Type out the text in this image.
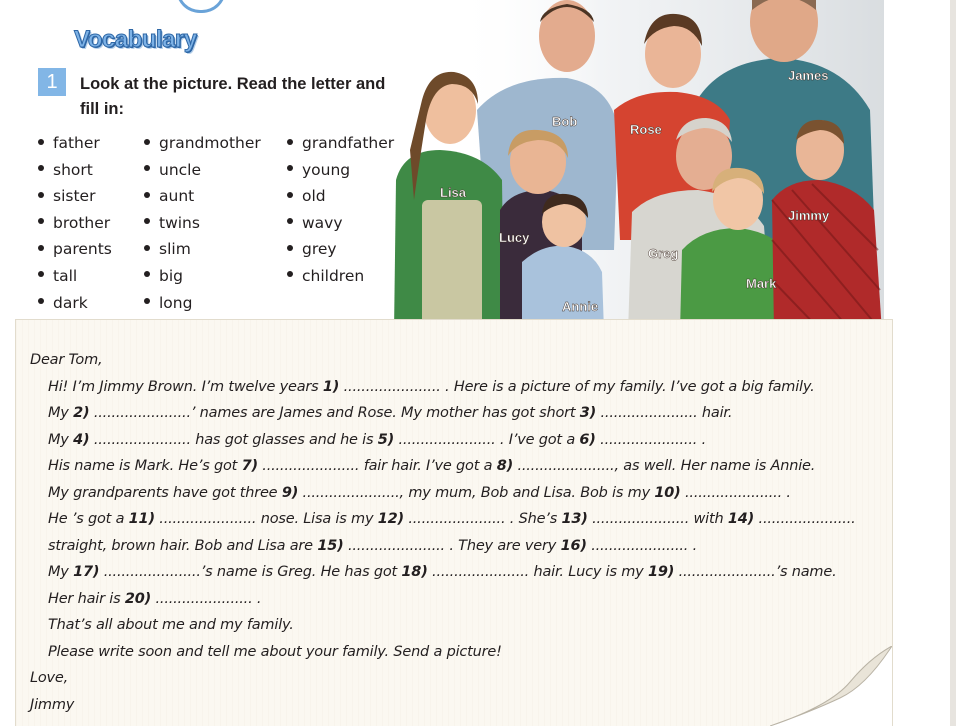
Vocabulary
1	Look at the picture. Read the letter and fill in:
father
short
sister
brother
parents
tall
dark
grandmother
uncle
aunt
twins
slim
big
long
grandfather
young
old
wavy
grey
children
James
Bob
Rose
Lisa
Jimmy
Lucy
Greg
Mark
Annie
Dear Tom,
Hi! I’m Jimmy Brown. I’m twelve years 1) ...................... . Here is a picture of my family. I’ve got a big family.
My 2) ......................’ names are James and Rose. My mother has got short 3) ...................... hair.
My 4) ...................... has got glasses and he is 5) ...................... . I’ve got a 6) ...................... .
His name is Mark. He’s got 7) ...................... fair hair. I’ve got a 8) ......................, as well. Her name is Annie.
My grandparents have got three 9) ......................, my mum, Bob and Lisa. Bob is my 10) ...................... .
He ’s got a 11) ...................... nose. Lisa is my 12) ...................... . She’s 13) ...................... with 14) ......................
straight, brown hair. Bob and Lisa are 15) ...................... . They are very 16) ...................... .
My 17) ......................’s name is Greg. He has got 18) ...................... hair. Lucy is my 19) ......................’s name.
Her hair is 20) ...................... .
That’s all about me and my family.
Please write soon and tell me about your family. Send a picture!
Love,
Jimmy
